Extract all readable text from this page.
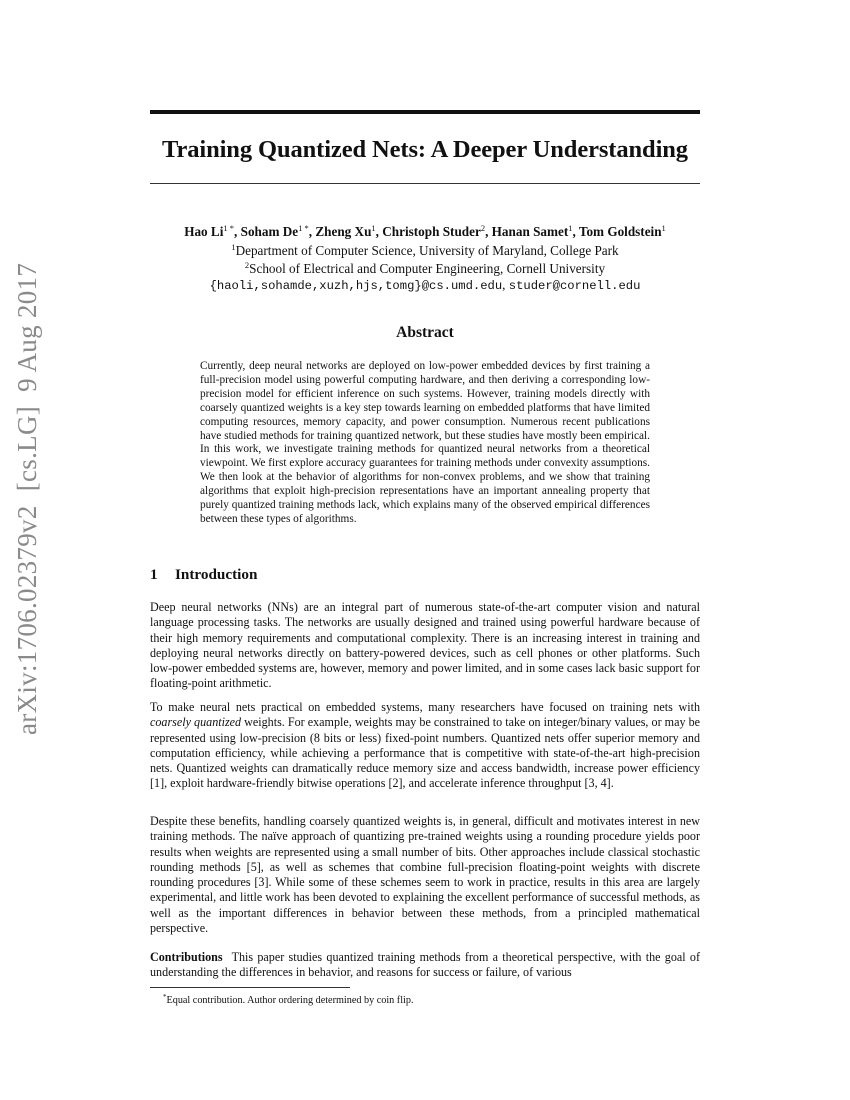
arXiv:1706.02379v2  [cs.LG]  9 Aug 2017
Training Quantized Nets: A Deeper Understanding
Hao $Li^{1 *}$, Soham $De^{1 *}$, Zheng Xu$^1$, Christoph Studer$^2$, Hanan Samet$^1$, Tom Goldstein$^1$
$^1$Department of Computer Science, University of Maryland, College Park
$^2$School of Electrical and Computer Engineering, Cornell University
{haoli,sohamde,xuzh,hjs,tomg}@cs.umd.edu, studer@cornell.edu
Abstract

Currently, deep neural networks are deployed on low-power embedded devices by first training a full-precision model using powerful computing hardware, and then deriving a corresponding low-precision model for efficient inference on such systems. However, training models directly with coarsely quantized weights is a key step towards learning on embedded platforms that have limited computing resources, memory capacity, and power consumption. Numerous recent publications have studied methods for training quantized network, but these studies have mostly been empirical. In this work, we investigate training methods for quantized neural networks from a theoretical viewpoint. We first explore accuracy guarantees for training methods under convexity assumptions. We then look at the behavior of algorithms for non-convex problems, and we show that training algorithms that exploit high-precision representations have an important annealing property that purely quantized training methods lack, which explains many of the observed empirical differences between these types of algorithms.

1 Introduction

Deep neural networks (NNs) are an integral part of numerous state-of-the-art computer vision and natural language processing tasks. The networks are usually designed and trained using powerful hardware because of their high memory requirements and computational complexity. There is an increasing interest in training and deploying neural networks directly on battery-powered devices, such as cell phones or other platforms. Such low-power embedded systems are, however, memory and power limited, and in some cases lack basic support for floating-point arithmetic.

To make neural nets practical on embedded systems, many researchers have focused on training nets with coarsely quantized weights. For example, weights may be constrained to take on integer/binary values, or may be represented using low-precision (8 bits or less) fixed-point numbers. Quantized nets offer superior memory and computation efficiency, while achieving a performance that is competitive with state-of-the-art high-precision nets. Quantized weights can dramatically reduce memory size and access bandwidth, increase power efficiency [1], exploit hardware-friendly bitwise operations [2], and accelerate inference throughput [3, 4].

Despite these benefits, handling coarsely quantized weights is, in general, difficult and motivates interest in new training methods. The naïve approach of quantizing pre-trained weights using a rounding procedure yields poor results when weights are represented using a small number of bits. Other approaches include classical stochastic rounding methods [5], as well as schemes that combine full-precision floating-point weights with discrete rounding procedures [3]. While some of these schemes seem to work in practice, results in this area are largely experimental, and little work has been devoted to explaining the excellent performance of successful methods, as well as the important differences in behavior between these methods, from a principled mathematical perspective.

Contributions This paper studies quantized training methods from a theoretical perspective, with the goal of understanding the differences in behavior, and reasons for success or failure, of various

*Equal contribution. Author ordering determined by coin flip.
